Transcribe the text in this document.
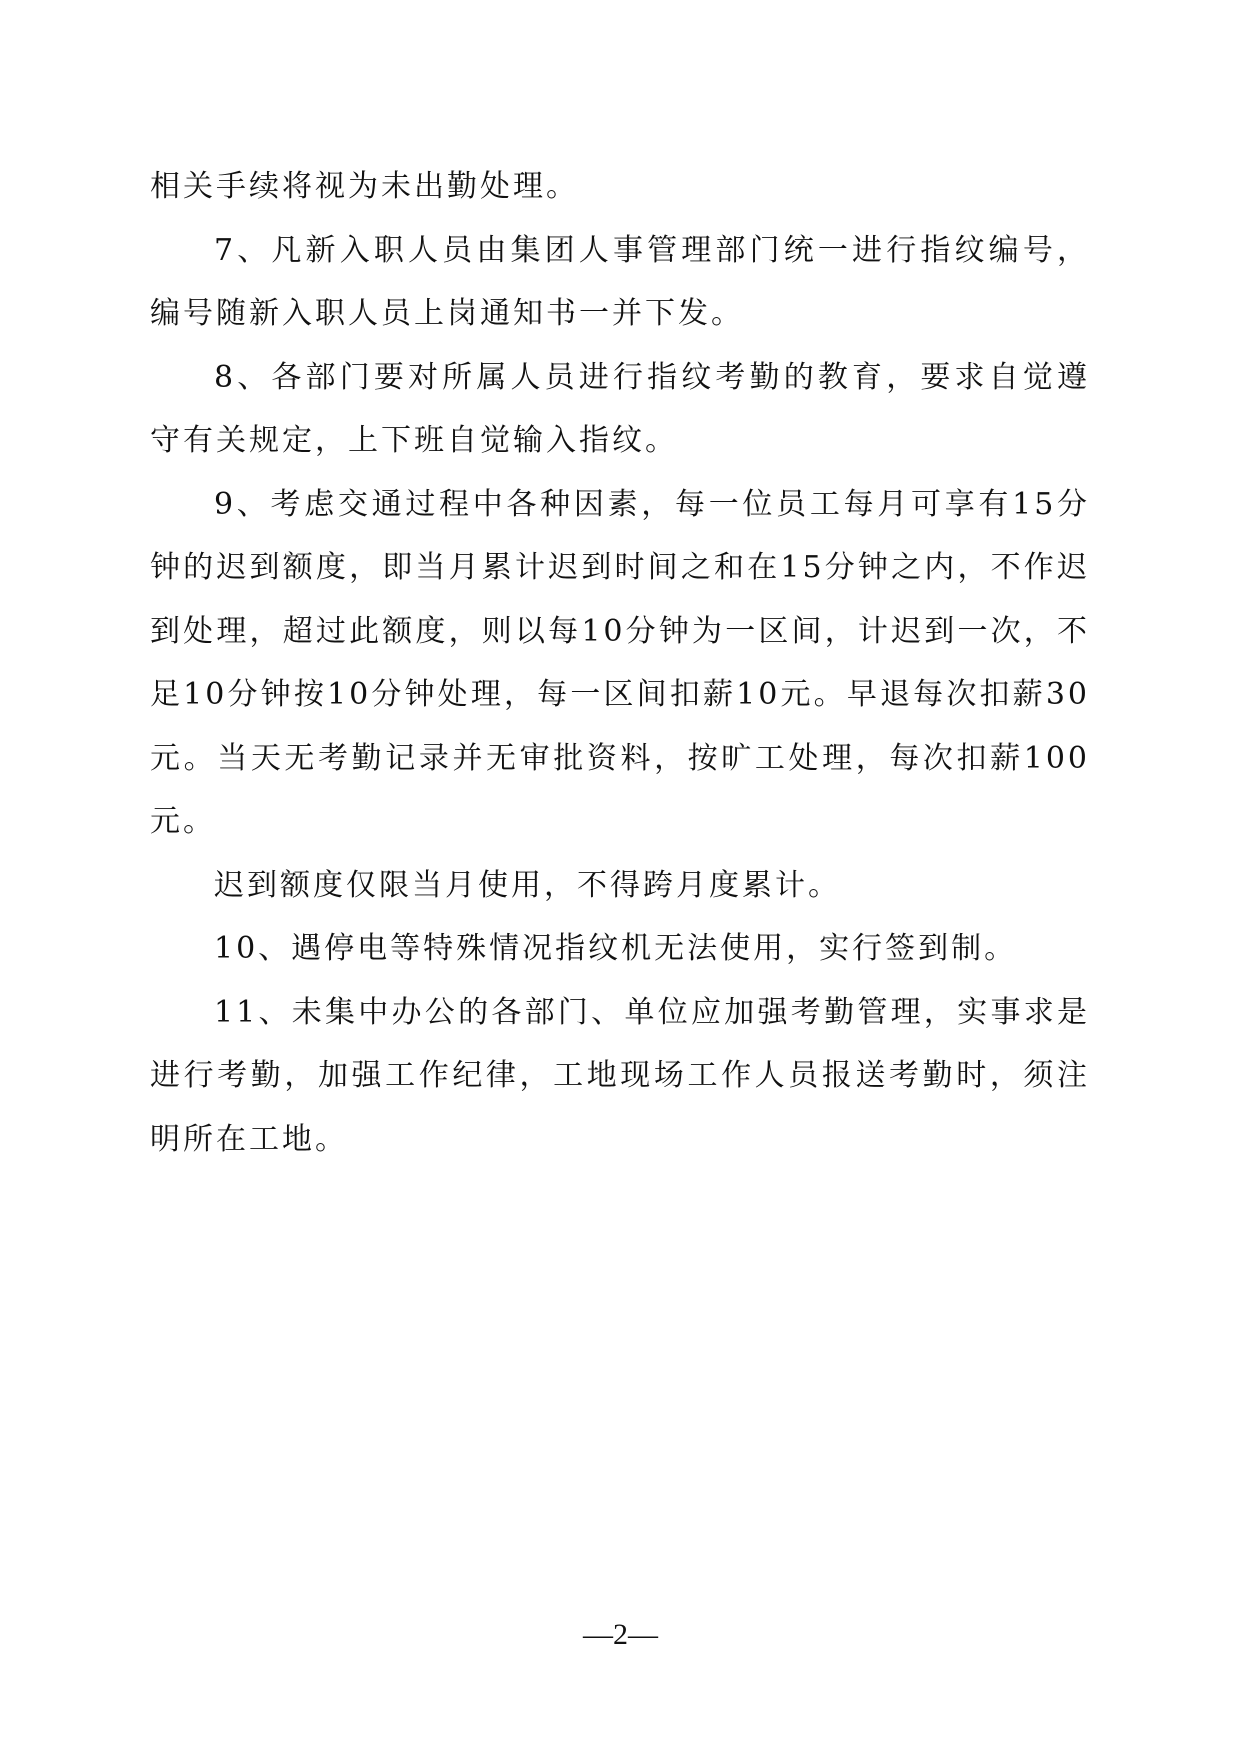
相关手续将视为未出勤处理。

7、凡新入职人员由集团人事管理部门统一进行指纹编号，编号随新入职人员上岗通知书一并下发。

8、各部门要对所属人员进行指纹考勤的教育，要求自觉遵守有关规定，上下班自觉输入指纹。

9、考虑交通过程中各种因素，每一位员工每月可享有15分钟的迟到额度，即当月累计迟到时间之和在15分钟之内，不作迟到处理，超过此额度，则以每10分钟为一区间，计迟到一次，不足10分钟按10分钟处理，每一区间扣薪10元。早退每次扣薪30元。当天无考勤记录并无审批资料，按旷工处理，每次扣薪100元。

迟到额度仅限当月使用，不得跨月度累计。

10、遇停电等特殊情况指纹机无法使用，实行签到制。

11、未集中办公的各部门、单位应加强考勤管理，实事求是进行考勤，加强工作纪律，工地现场工作人员报送考勤时，须注明所在工地。

—2—
